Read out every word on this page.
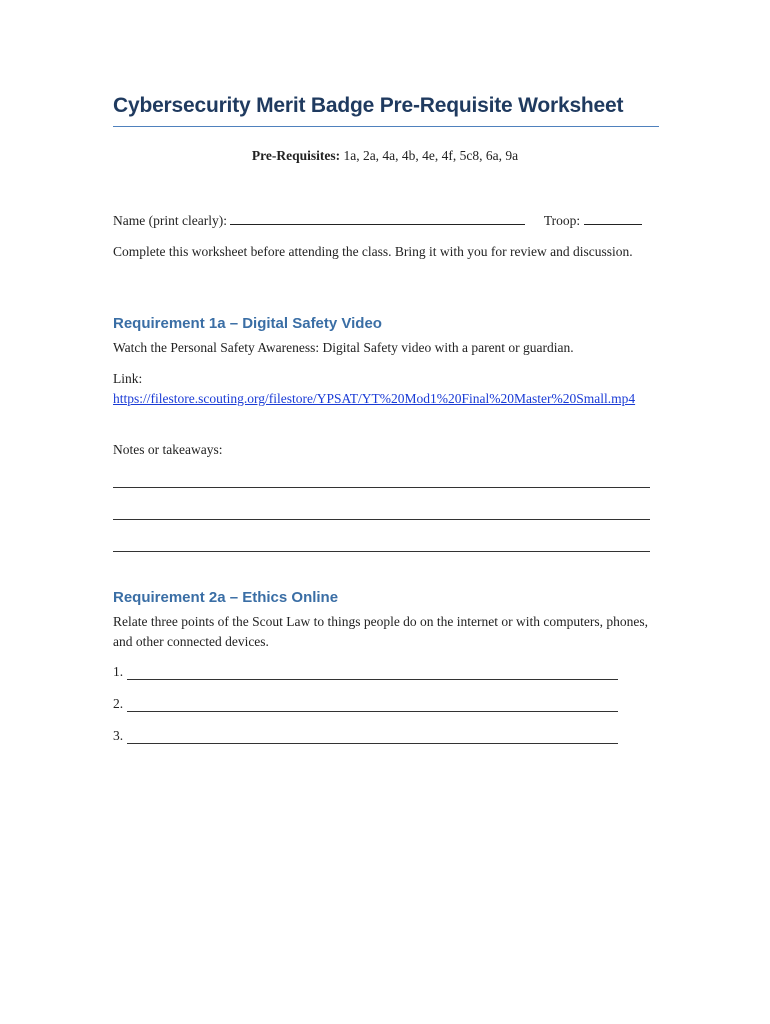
Cybersecurity Merit Badge Pre-Requisite Worksheet
Pre-Requisites: 1a, 2a, 4a, 4b, 4e, 4f, 5c8, 6a, 9a
Name (print clearly):	Troop:
Complete this worksheet before attending the class. Bring it with you for review and discussion.
Requirement 1a – Digital Safety Video
Watch the Personal Safety Awareness: Digital Safety video with a parent or guardian.
Link:
https://filestore.scouting.org/filestore/YPSAT/YT%20Mod1%20Final%20Master%20Small.mp4
Notes or takeaways:
Requirement 2a – Ethics Online
Relate three points of the Scout Law to things people do on the internet or with computers, phones, and other connected devices.
1.
2.
3.
